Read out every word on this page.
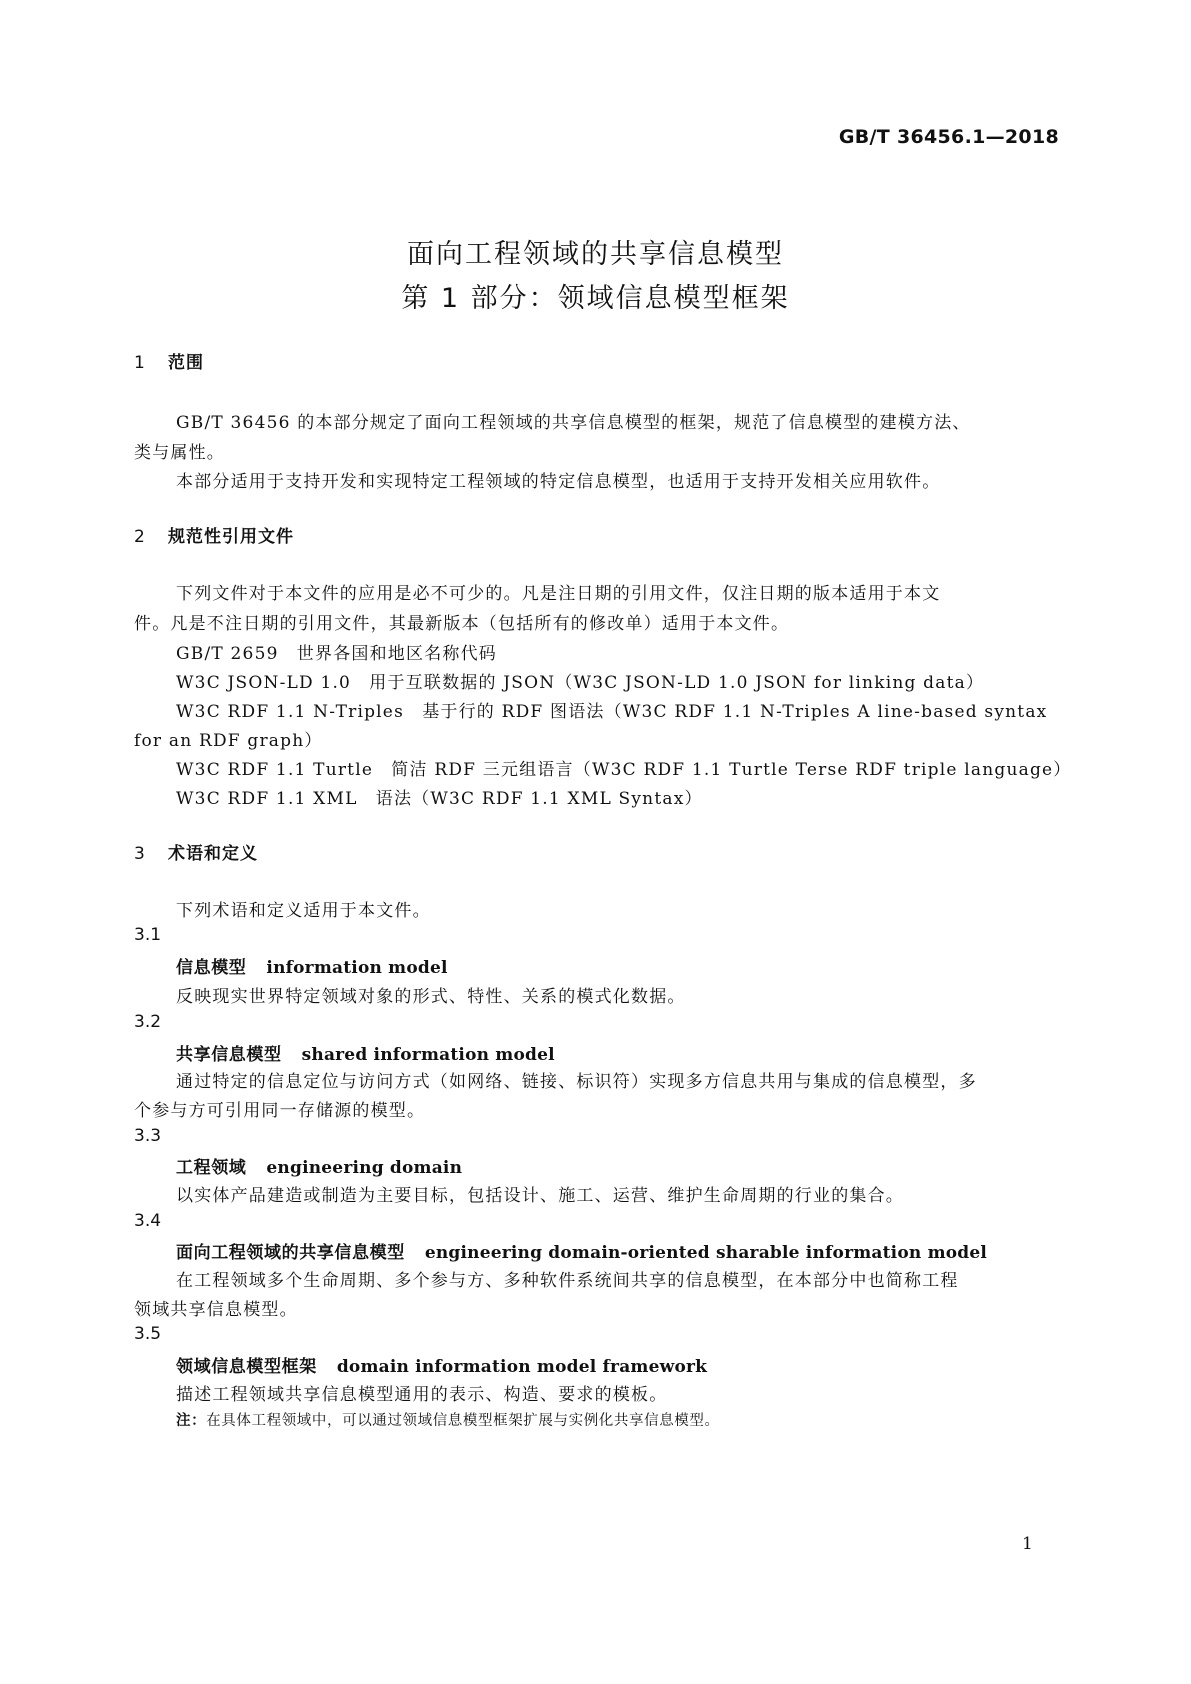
GB/T 36456.1—2018
面向工程领域的共享信息模型
第 1 部分：领域信息模型框架
1 范围
GB/T 36456 的本部分规定了面向工程领域的共享信息模型的框架，规范了信息模型的建模方法、
类与属性。
本部分适用于支持开发和实现特定工程领域的特定信息模型，也适用于支持开发相关应用软件。
2 规范性引用文件
下列文件对于本文件的应用是必不可少的。凡是注日期的引用文件，仅注日期的版本适用于本文
件。凡是不注日期的引用文件，其最新版本（包括所有的修改单）适用于本文件。
GB/T 2659　世界各国和地区名称代码
W3C JSON-LD 1.0　用于互联数据的 JSON（W3C JSON-LD 1.0 JSON for linking data）
W3C RDF 1.1 N-Triples　基于行的 RDF 图语法（W3C RDF 1.1 N-Triples A line-based syntax
for an RDF graph）
W3C RDF 1.1 Turtle　简洁 RDF 三元组语言（W3C RDF 1.1 Turtle Terse RDF triple language）
W3C RDF 1.1 XML　语法（W3C RDF 1.1 XML Syntax）
3 术语和定义
下列术语和定义适用于本文件。
3.1
信息模型 information model
反映现实世界特定领域对象的形式、特性、关系的模式化数据。
3.2
共享信息模型 shared information model
通过特定的信息定位与访问方式（如网络、链接、标识符）实现多方信息共用与集成的信息模型，多
个参与方可引用同一存储源的模型。
3.3
工程领域 engineering domain
以实体产品建造或制造为主要目标，包括设计、施工、运营、维护生命周期的行业的集合。
3.4
面向工程领域的共享信息模型 engineering domain-oriented sharable information model
在工程领域多个生命周期、多个参与方、多种软件系统间共享的信息模型，在本部分中也简称工程
领域共享信息模型。
3.5
领域信息模型框架 domain information model framework
描述工程领域共享信息模型通用的表示、构造、要求的模板。
注：在具体工程领域中，可以通过领域信息模型框架扩展与实例化共享信息模型。
1
